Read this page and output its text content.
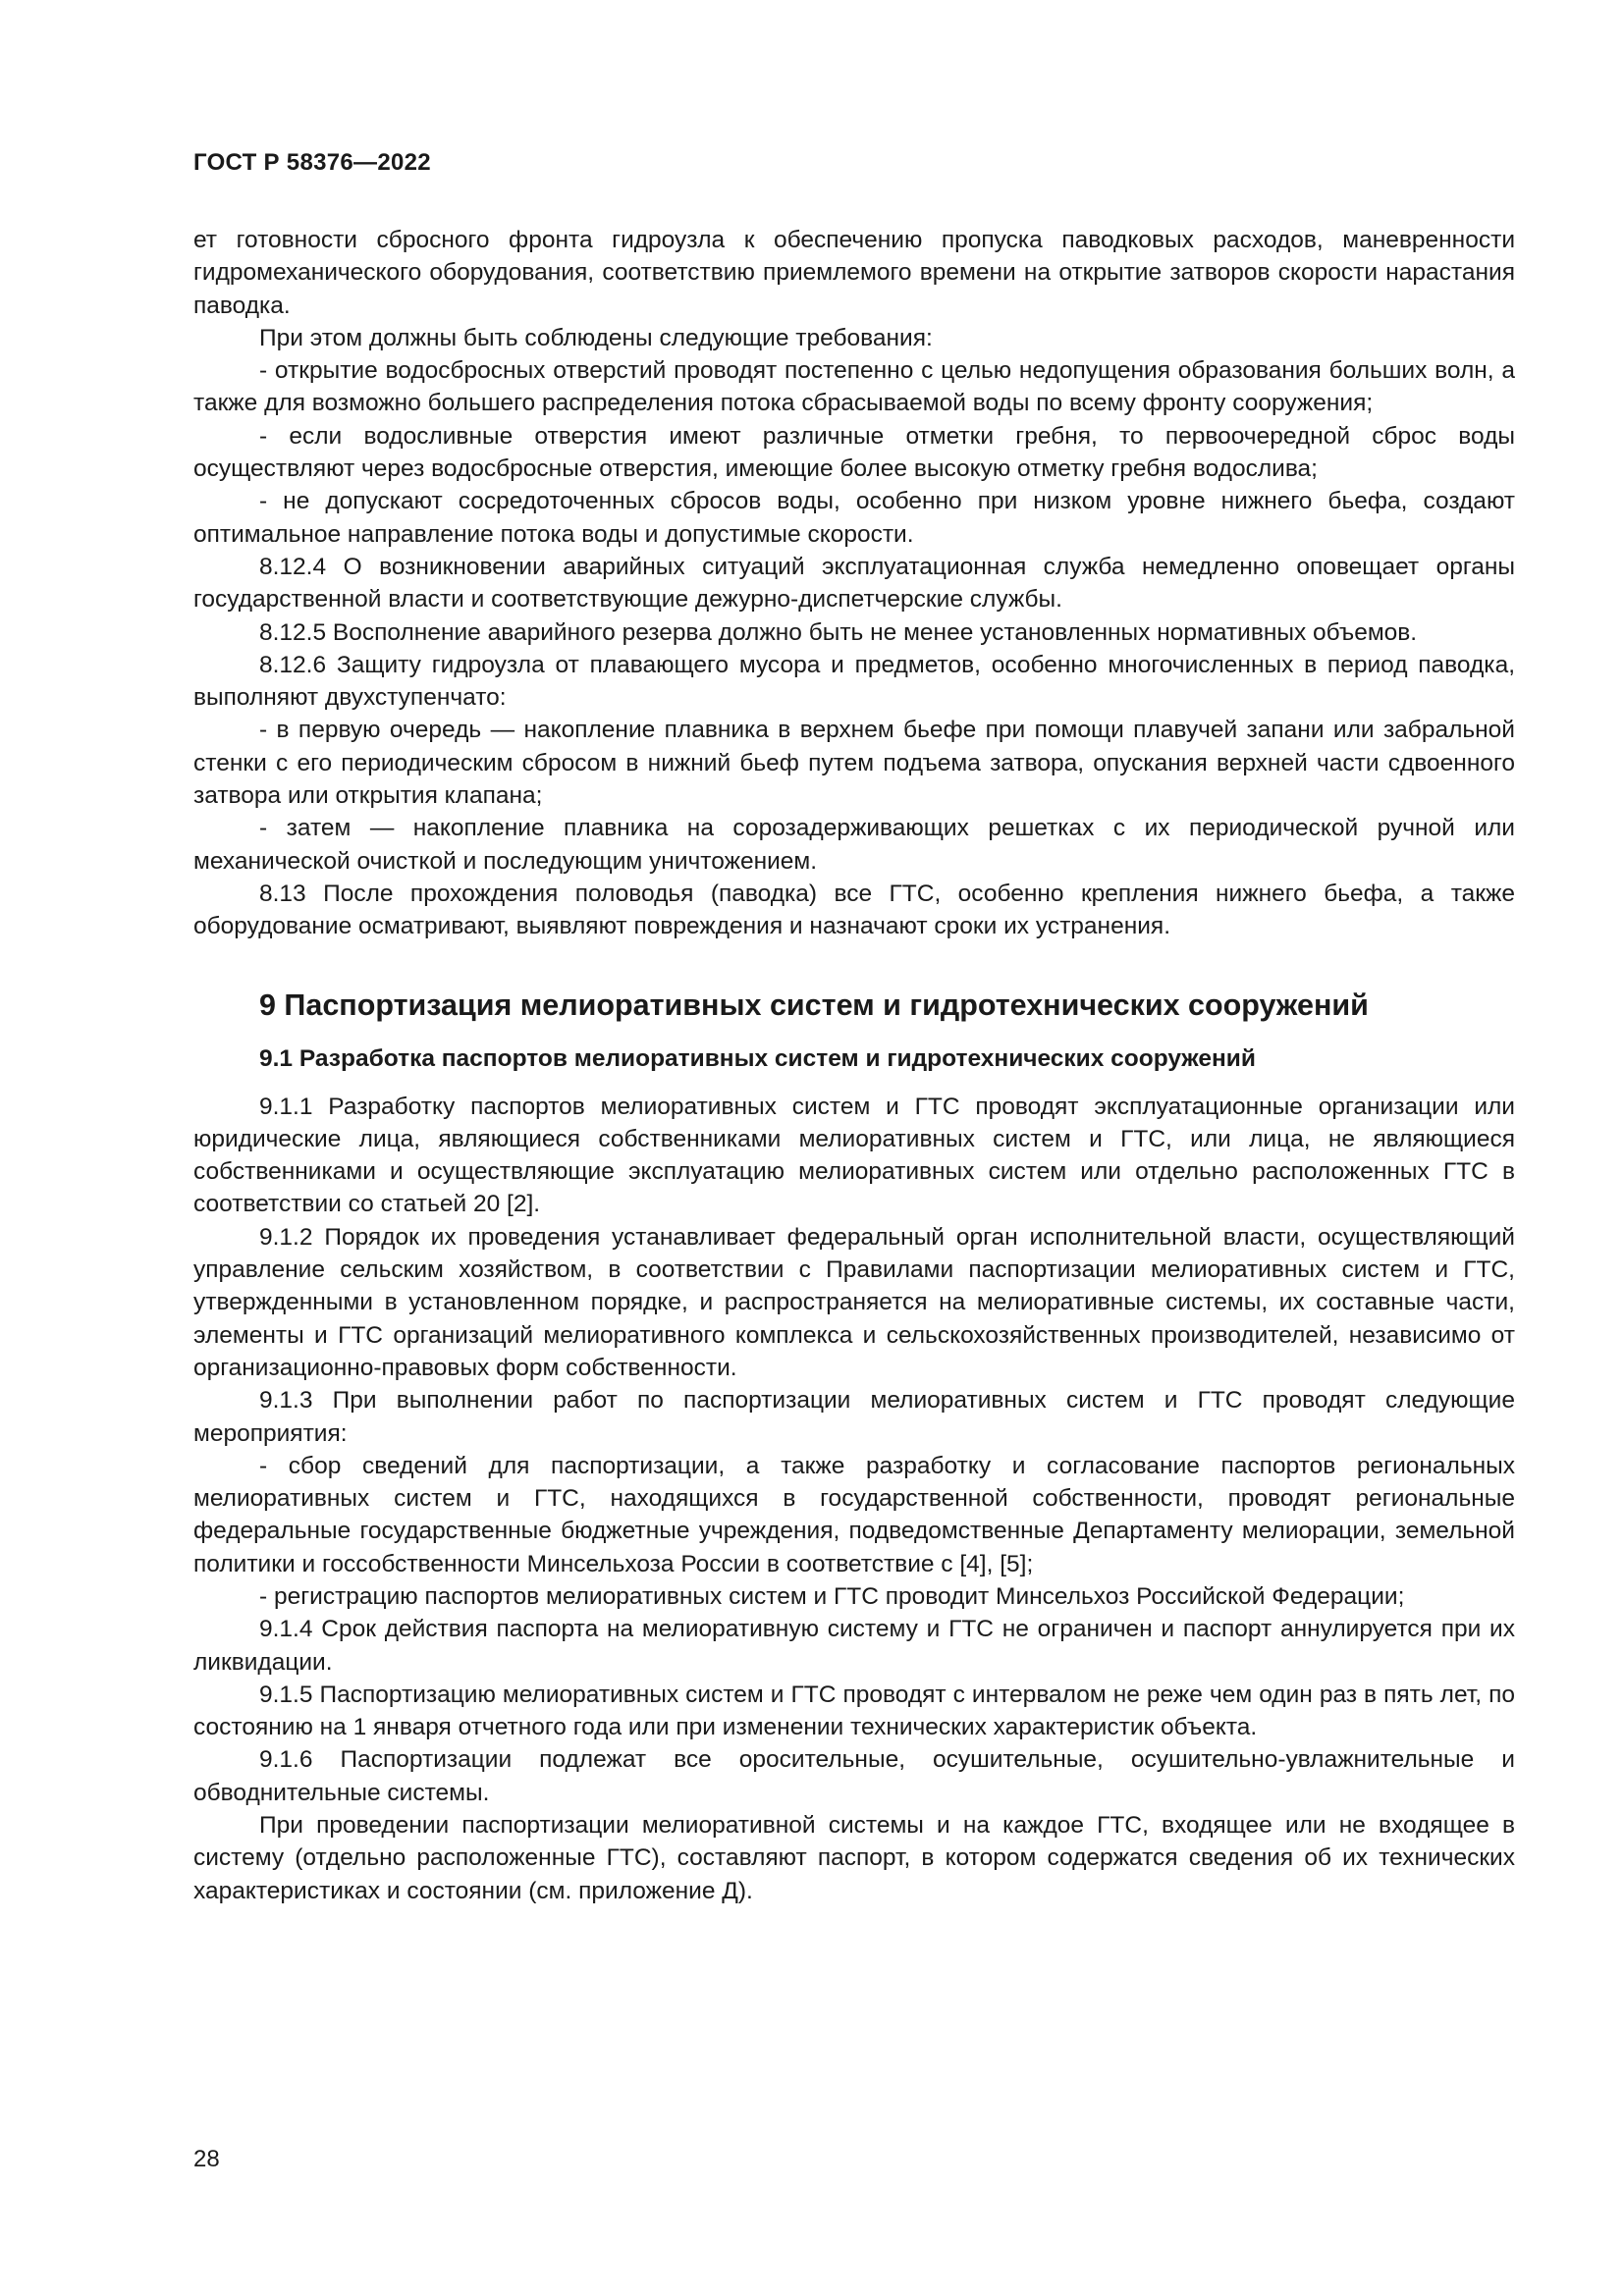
ГОСТ Р 58376—2022

ет готовности сбросного фронта гидроузла к обеспечению пропуска паводковых расходов, маневренности гидромеханического оборудования, соответствию приемлемого времени на открытие затворов скорости нарастания паводка.

При этом должны быть соблюдены следующие требования:

- открытие водосбросных отверстий проводят постепенно с целью недопущения образования больших волн, а также для возможно большего распределения потока сбрасываемой воды по всему фронту сооружения;

- если водосливные отверстия имеют различные отметки гребня, то первоочередной сброс воды осуществляют через водосбросные отверстия, имеющие более высокую отметку гребня водослива;

- не допускают сосредоточенных сбросов воды, особенно при низком уровне нижнего бьефа, создают оптимальное направление потока воды и допустимые скорости.

8.12.4 О возникновении аварийных ситуаций эксплуатационная служба немедленно оповещает органы государственной власти и соответствующие дежурно-диспетчерские службы.

8.12.5 Восполнение аварийного резерва должно быть не менее установленных нормативных объемов.

8.12.6 Защиту гидроузла от плавающего мусора и предметов, особенно многочисленных в период паводка, выполняют двухступенчато:

- в первую очередь — накопление плавника в верхнем бьефе при помощи плавучей запани или забральной стенки с его периодическим сбросом в нижний бьеф путем подъема затвора, опускания верхней части сдвоенного затвора или открытия клапана;

- затем — накопление плавника на сорозадерживающих решетках с их периодической ручной или механической очисткой и последующим уничтожением.

8.13 После прохождения половодья (паводка) все ГТС, особенно крепления нижнего бьефа, а также оборудование осматривают, выявляют повреждения и назначают сроки их устранения.

9 Паспортизация мелиоративных систем и гидротехнических сооружений
9.1 Разработка паспортов мелиоративных систем и гидротехнических сооружений

9.1.1 Разработку паспортов мелиоративных систем и ГТС проводят эксплуатационные организации или юридические лица, являющиеся собственниками мелиоративных систем и ГТС, или лица, не являющиеся собственниками и осуществляющие эксплуатацию мелиоративных систем или отдельно расположенных ГТС в соответствии со статьей 20 [2].

9.1.2 Порядок их проведения устанавливает федеральный орган исполнительной власти, осуществляющий управление сельским хозяйством, в соответствии с Правилами паспортизации мелиоративных систем и ГТС, утвержденными в установленном порядке, и распространяется на мелиоративные системы, их составные части, элементы и ГТС организаций мелиоративного комплекса и сельскохозяйственных производителей, независимо от организационно-правовых форм собственности.

9.1.3 При выполнении работ по паспортизации мелиоративных систем и ГТС проводят следующие мероприятия:

- сбор сведений для паспортизации, а также разработку и согласование паспортов региональных мелиоративных систем и ГТС, находящихся в государственной собственности, проводят региональные федеральные государственные бюджетные учреждения, подведомственные Департаменту мелиорации, земельной политики и госсобственности Минсельхоза России в соответствие с [4], [5];

- регистрацию паспортов мелиоративных систем и ГТС проводит Минсельхоз Российской Федерации;

9.1.4 Срок действия паспорта на мелиоративную систему и ГТС не ограничен и паспорт аннулируется при их ликвидации.

9.1.5 Паспортизацию мелиоративных систем и ГТС проводят с интервалом не реже чем один раз в пять лет, по состоянию на 1 января отчетного года или при изменении технических характеристик объекта.

9.1.6 Паспортизации подлежат все оросительные, осушительные, осушительно-увлажнительные и обводнительные системы.

При проведении паспортизации мелиоративной системы и на каждое ГТС, входящее или не входящее в систему (отдельно расположенные ГТС), составляют паспорт, в котором содержатся сведения об их технических характеристиках и состоянии (см. приложение Д).

28
